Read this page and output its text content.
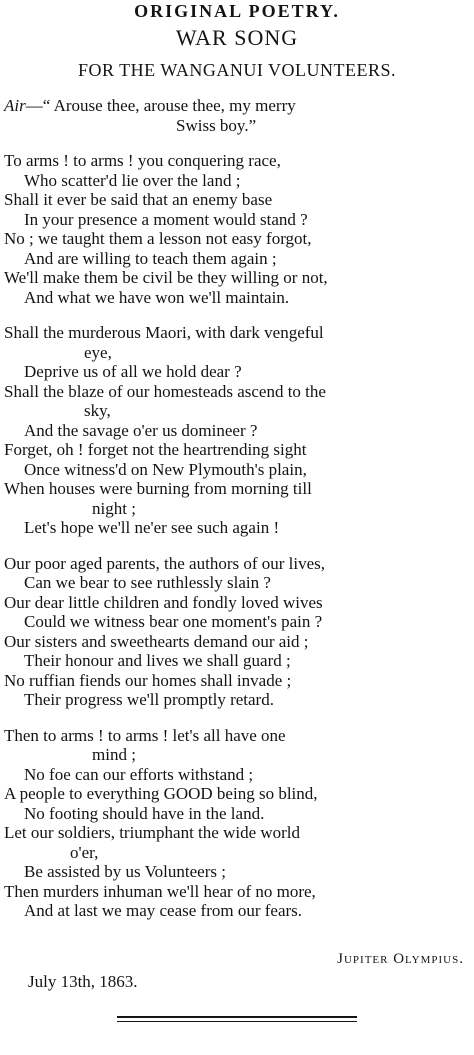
ORIGINAL POETRY.
WAR SONG
FOR THE WANGANUI VOLUNTEERS.
Air—“ Arouse thee, arouse thee, my merry
Swiss boy.”
To arms ! to arms ! you conquering race,
Who scatter'd lie over the land ;
Shall it ever be said that an enemy base
In your presence a moment would stand ?
No ; we taught them a lesson not easy forgot,
And are willing to teach them again ;
We'll make them be civil be they willing or not,
And what we have won we'll maintain.
Shall the murderous Maori, with dark vengeful
eye,
Deprive us of all we hold dear ?
Shall the blaze of our homesteads ascend to the
sky,
And the savage o'er us domineer ?
Forget, oh ! forget not the heartrending sight
Once witness'd on New Plymouth's plain,
When houses were burning from morning till
night ;
Let's hope we'll ne'er see such again !
Our poor aged parents, the authors of our lives,
Can we bear to see ruthlessly slain ?
Our dear little children and fondly loved wives
Could we witness bear one moment's pain ?
Our sisters and sweethearts demand our aid ;
Their honour and lives we shall guard ;
No ruffian fiends our homes shall invade ;
Their progress we'll promptly retard.
Then to arms ! to arms ! let's all have one
mind ;
No foe can our efforts withstand ;
A people to everything GOOD being so blind,
No footing should have in the land.
Let our soldiers, triumphant the wide world
o'er,
Be assisted by us Volunteers ;
Then murders inhuman we'll hear of no more,
And at last we may cease from our fears.
Jupiter Olympius.
July 13th, 1863.
